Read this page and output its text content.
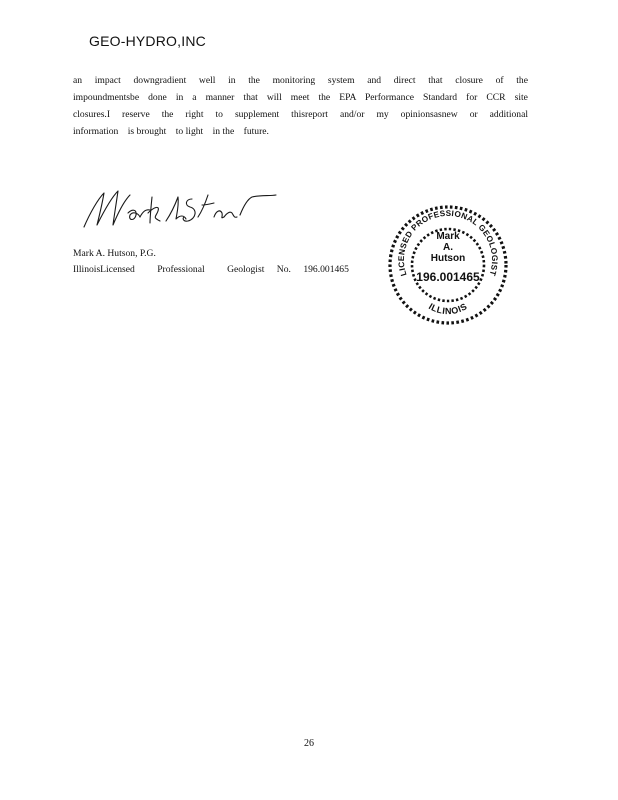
GEO-HYDRO,INC
an impact downgradient well in the monitoring system and direct that closure of the
impoundmentsbe done in a manner that will meet the EPA Performance Standard for CCR site
closures.I reserve the right to supplement thisreport and/or my opinionsasnew or additional
information is brought to light in the future.
Mark A. Hutson, P.G.
IllinoisLicensed Professional Geologist No. 196.001465	LICENSED PROFESSIONAL GEOLOGIST
Mark
A.
Hutson
196.001465
ILLINOIS
26
